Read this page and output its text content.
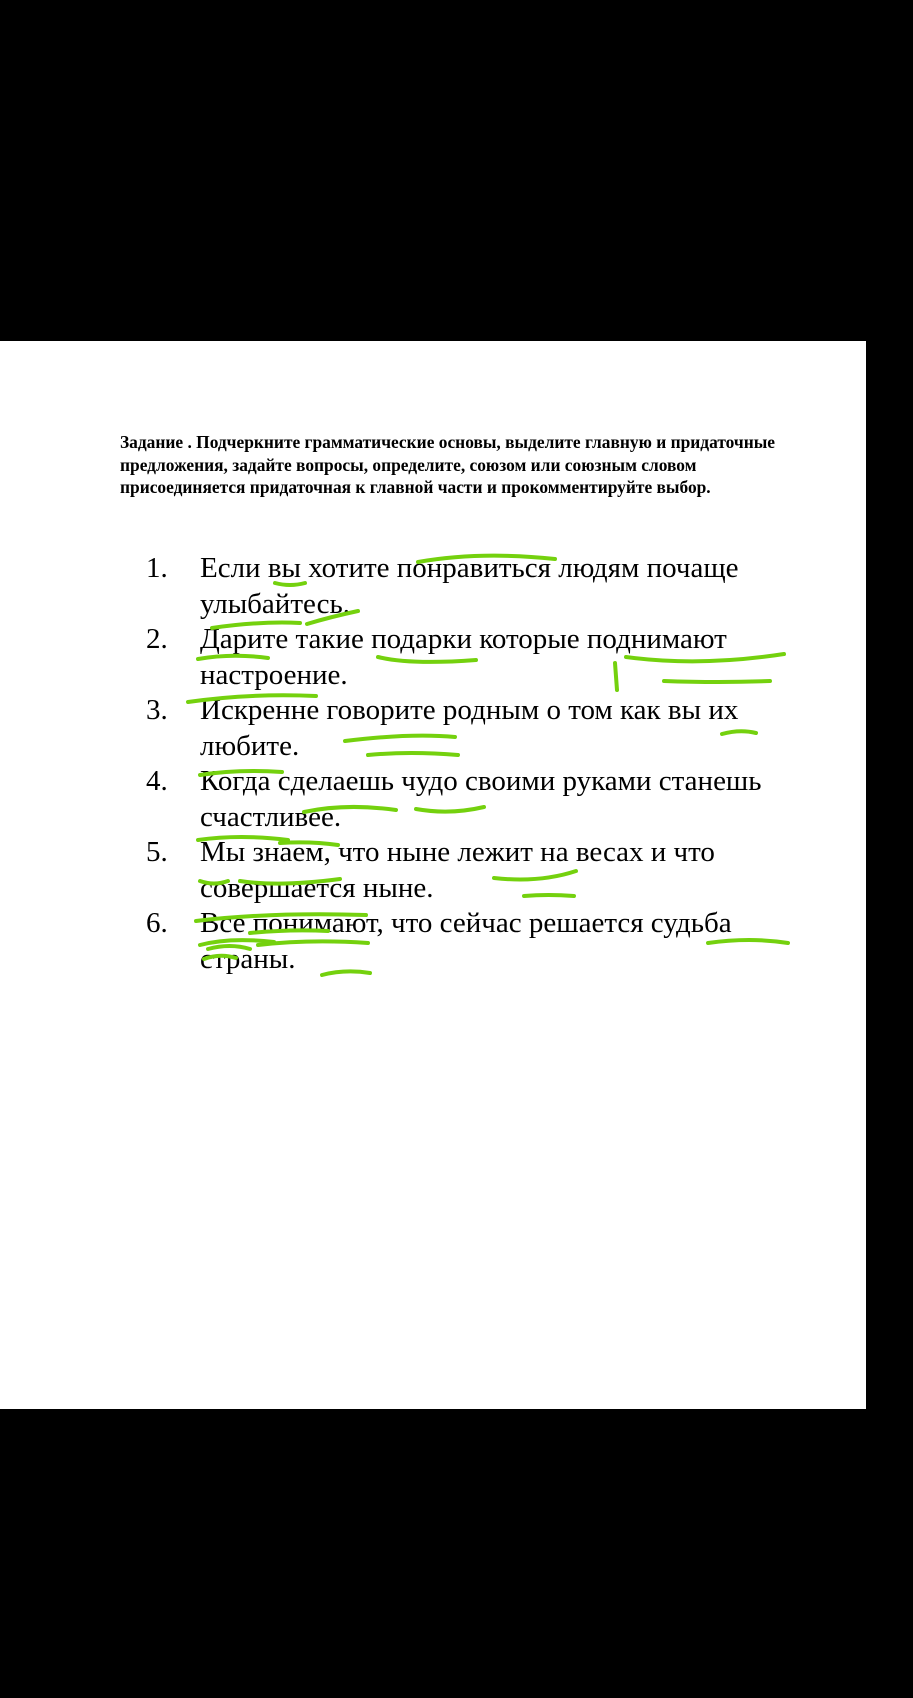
Задание . Подчеркните грамматические основы, выделите главную и придаточные предложения, задайте вопросы, определите, союзом или союзным словом присоединяется придаточная к главной части и прокомментируйте выбор.

1. Если вы хотите понравиться людям почаще улыбайтесь.
2. Дарите такие подарки которые поднимают настроение.
3. Искренне говорите родным о том как вы их любите.
4. Когда сделаешь чудо своими руками станешь счастливее.
5. Мы знаем, что ныне лежит на весах и что совершается ныне.
6. Все понимают, что сейчас решается судьба страны.
